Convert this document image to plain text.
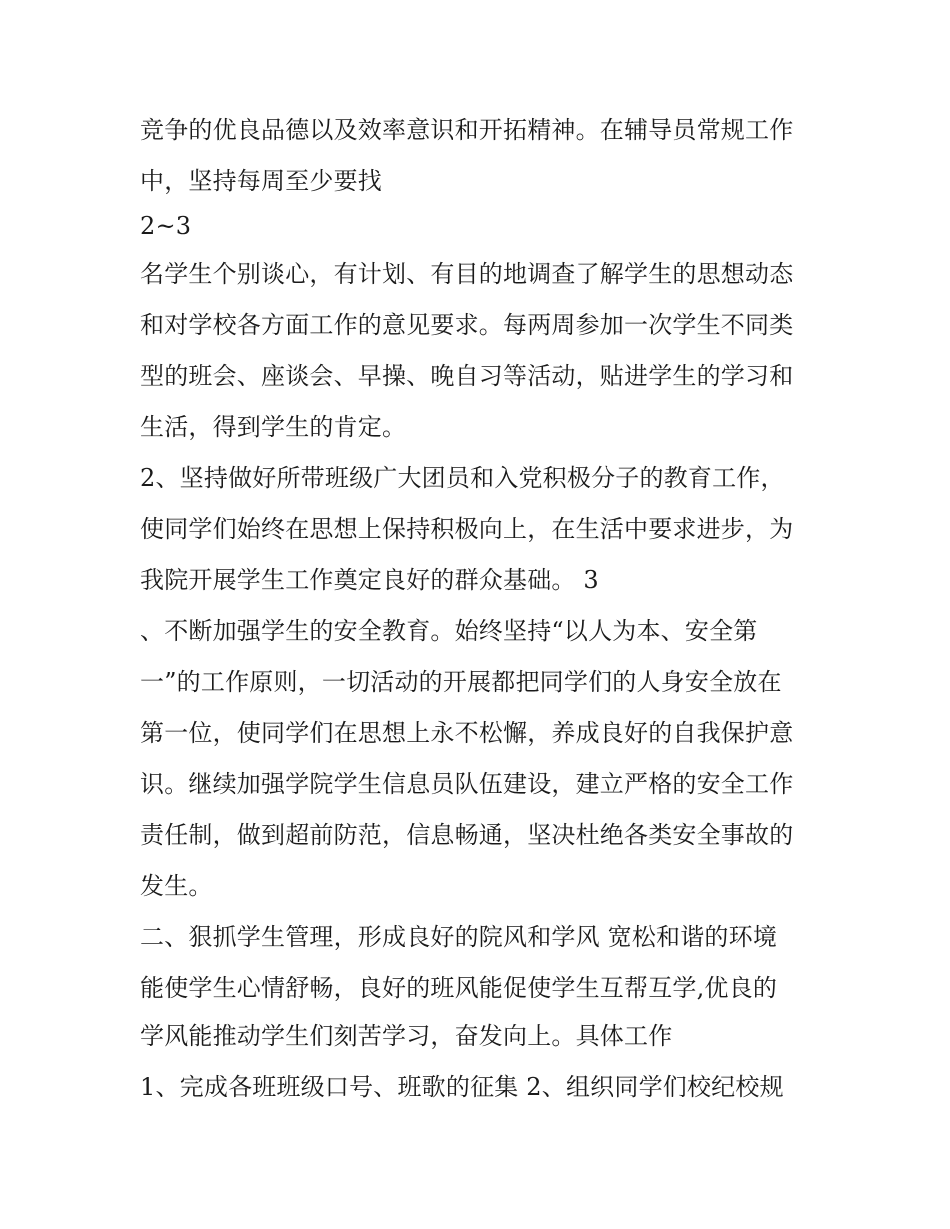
竞争的优良品德以及效率意识和开拓精神。在辅导员常规工作

中，坚持每周至少要找

2~3

名学生个别谈心，有计划、有目的地调查了解学生的思想动态

和对学校各方面工作的意见要求。每两周参加一次学生不同类

型的班会、座谈会、早操、晚自习等活动，贴进学生的学习和

生活，得到学生的肯定。

2、坚持做好所带班级广大团员和入党积极分子的教育工作，

使同学们始终在思想上保持积极向上，在生活中要求进步，为

我院开展学生工作奠定良好的群众基础。 3

、不断加强学生的安全教育。始终坚持“以人为本、安全第

一”的工作原则，一切活动的开展都把同学们的人身安全放在

第一位，使同学们在思想上永不松懈，养成良好的自我保护意

识。继续加强学院学生信息员队伍建设，建立严格的安全工作

责任制，做到超前防范，信息畅通，坚决杜绝各类安全事故的

发生。

二、狠抓学生管理，形成良好的院风和学风 宽松和谐的环境

能使学生心情舒畅，良好的班风能促使学生互帮互学,优良的

学风能推动学生们刻苦学习，奋发向上。具体工作

1、完成各班班级口号、班歌的征集 2、组织同学们校纪校规
